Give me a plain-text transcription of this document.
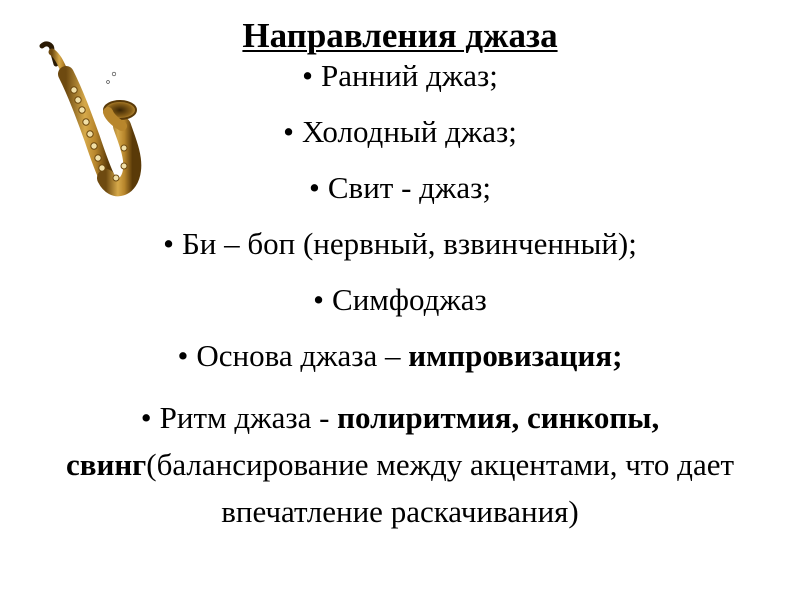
Направления джаза
• Ранний джаз;
• Холодный джаз;
• Свит - джаз;
• Би – боп (нервный, взвинченный);
• Симфоджаз
• Основа джаза – импровизация;
• Ритм джаза - полиритмия, синкопы, свинг(балансирование между акцентами, что дает впечатление раскачивания)
